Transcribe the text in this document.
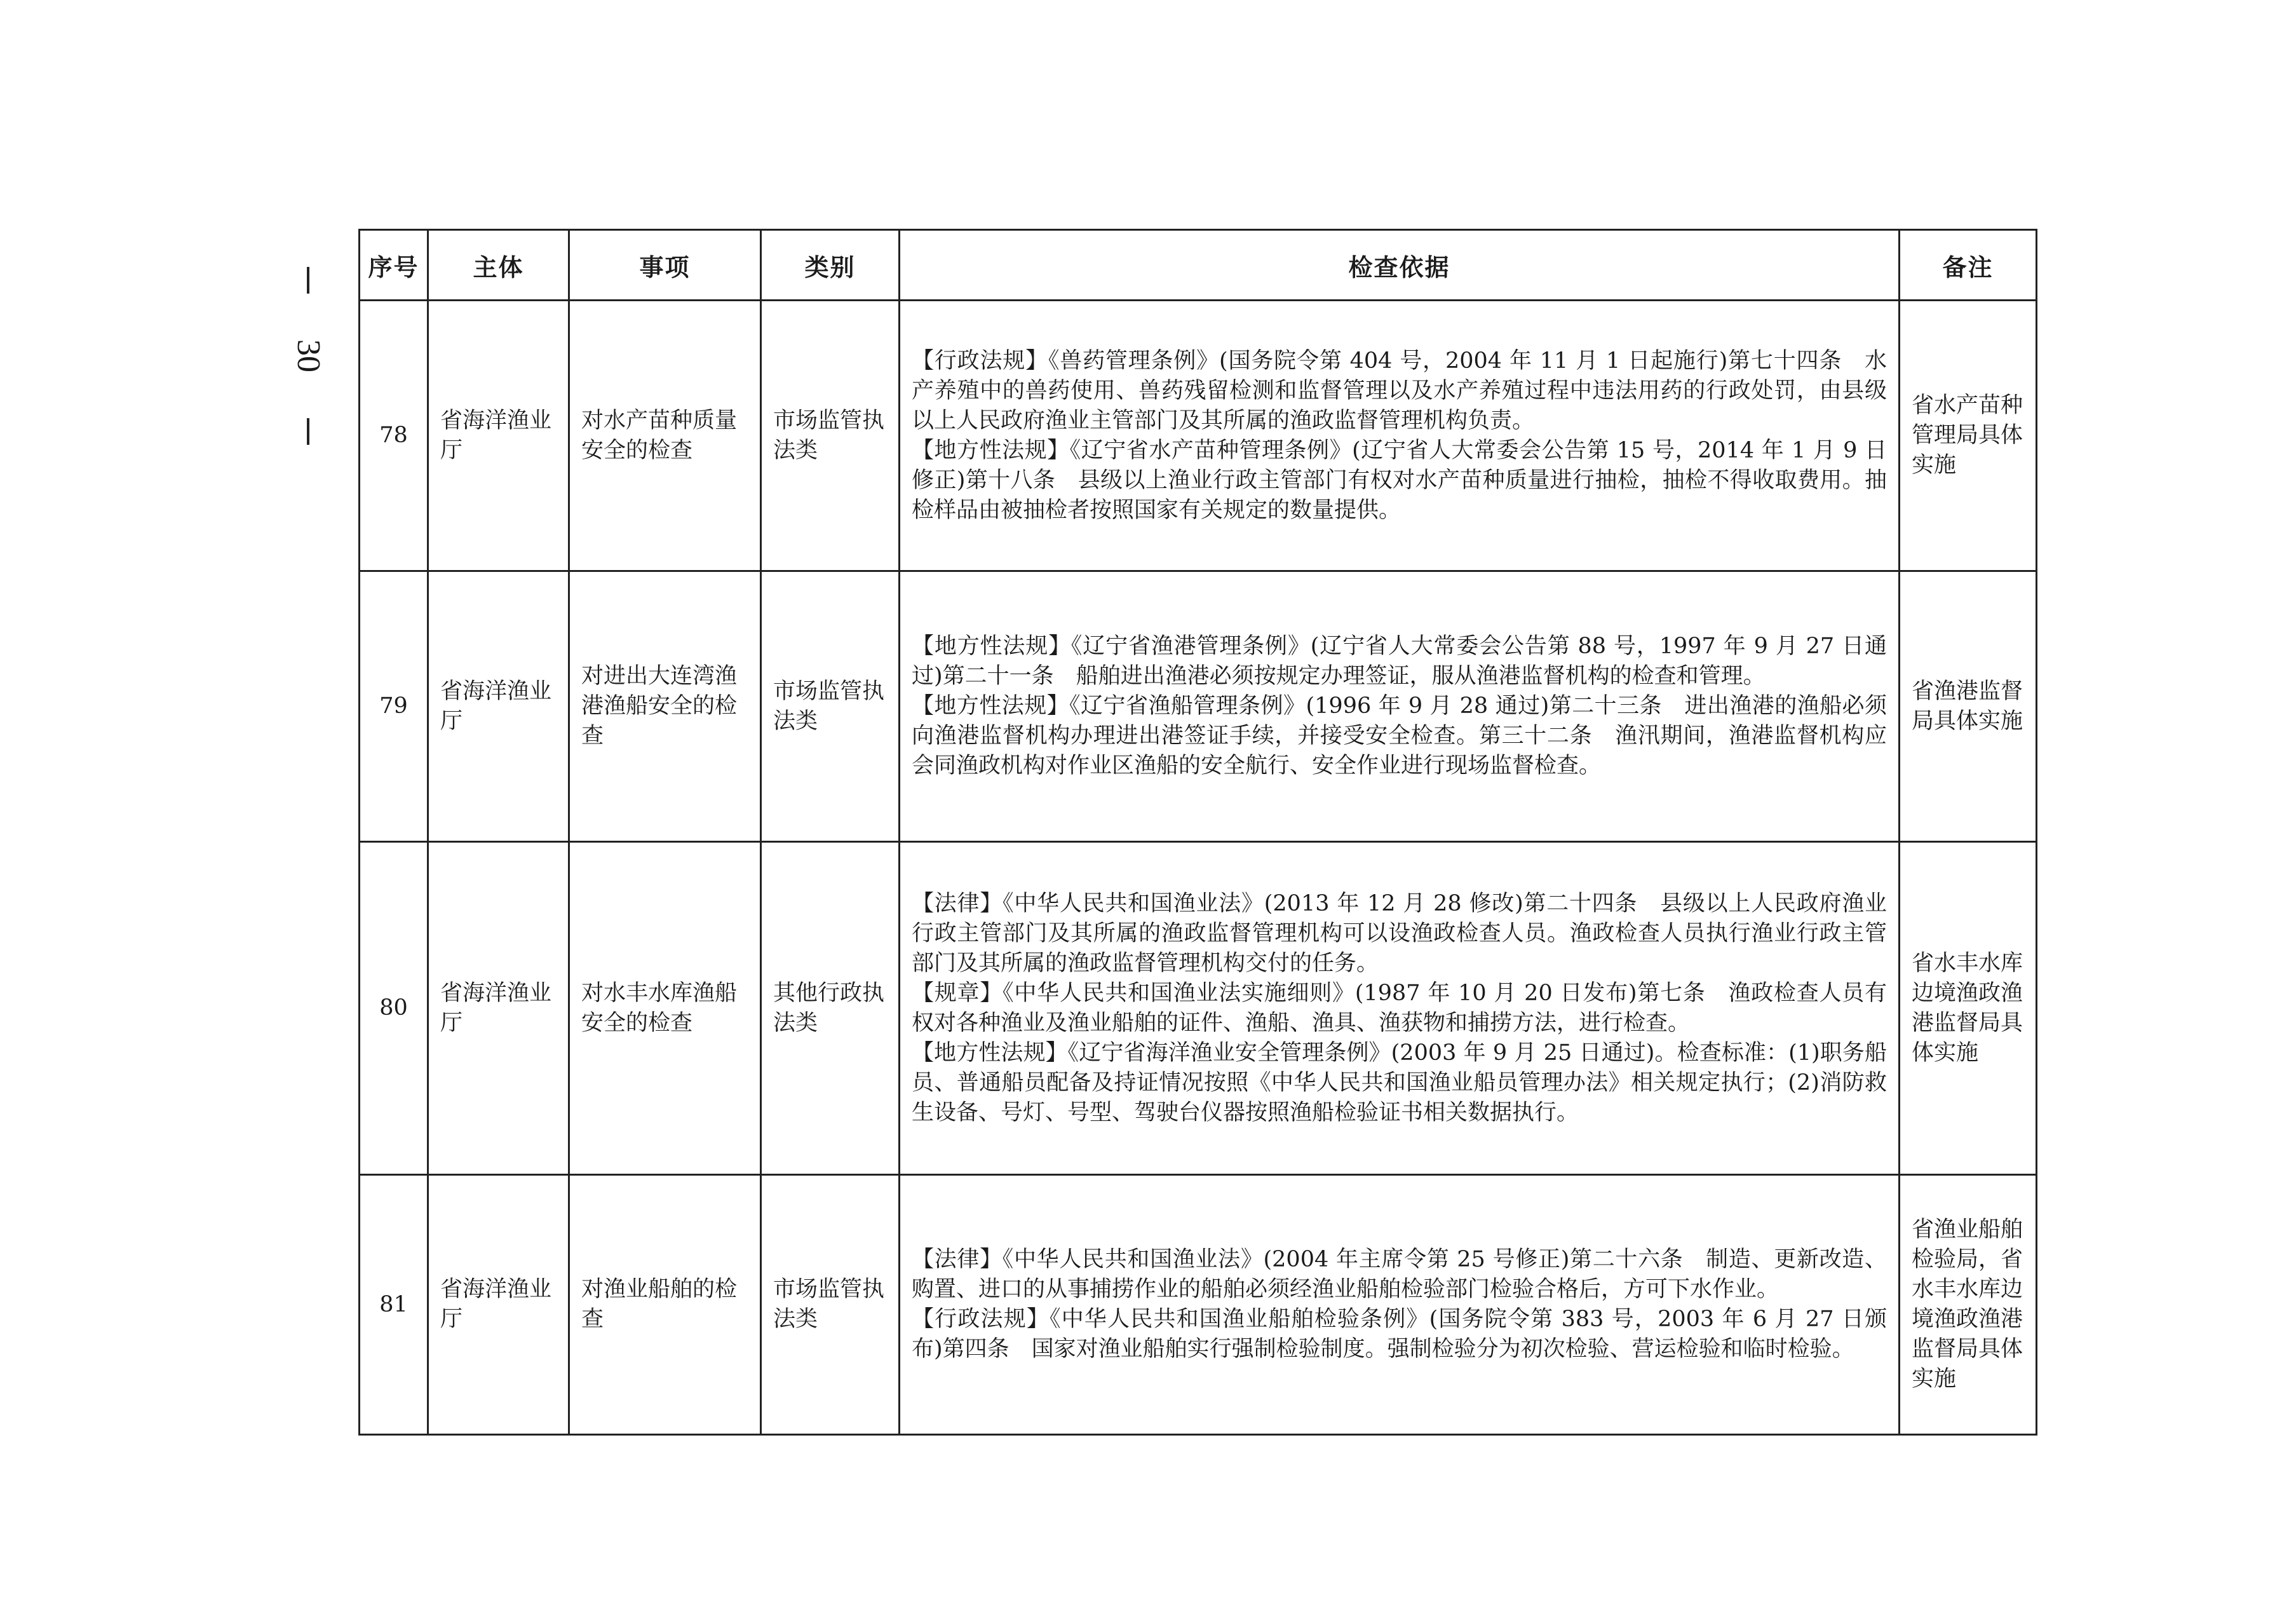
30
序号	主体	事项	类别	检查依据	备注
78	省海洋渔业厅	对水产苗种质量安全的检查	市场监管执法类	【行政法规】《兽药管理条例》(国务院令第 404 号，2004 年 11 月 1 日起施行)第七十四条　水产养殖中的兽药使用、兽药残留检测和监督管理以及水产养殖过程中违法用药的行政处罚，由县级以上人民政府渔业主管部门及其所属的渔政监督管理机构负责。
【地方性法规】《辽宁省水产苗种管理条例》(辽宁省人大常委会公告第 15 号，2014 年 1 月 9 日修正)第十八条　县级以上渔业行政主管部门有权对水产苗种质量进行抽检，抽检不得收取费用。抽检样品由被抽检者按照国家有关规定的数量提供。	省水产苗种管理局具体实施
79	省海洋渔业厅	对进出大连湾渔港渔船安全的检查	市场监管执法类	【地方性法规】《辽宁省渔港管理条例》(辽宁省人大常委会公告第 88 号，1997 年 9 月 27 日通过)第二十一条　船舶进出渔港必须按规定办理签证，服从渔港监督机构的检查和管理。
【地方性法规】《辽宁省渔船管理条例》(1996 年 9 月 28 通过)第二十三条　进出渔港的渔船必须向渔港监督机构办理进出港签证手续，并接受安全检查。第三十二条　渔汛期间，渔港监督机构应会同渔政机构对作业区渔船的安全航行、安全作业进行现场监督检查。	省渔港监督局具体实施
80	省海洋渔业厅	对水丰水库渔船安全的检查	其他行政执法类	【法律】《中华人民共和国渔业法》(2013 年 12 月 28 修改)第二十四条　县级以上人民政府渔业行政主管部门及其所属的渔政监督管理机构可以设渔政检查人员。渔政检查人员执行渔业行政主管部门及其所属的渔政监督管理机构交付的任务。
【规章】《中华人民共和国渔业法实施细则》(1987 年 10 月 20 日发布)第七条　渔政检查人员有权对各种渔业及渔业船舶的证件、渔船、渔具、渔获物和捕捞方法，进行检查。
【地方性法规】《辽宁省海洋渔业安全管理条例》(2003 年 9 月 25 日通过)。检查标准：(1)职务船员、普通船员配备及持证情况按照《中华人民共和国渔业船员管理办法》相关规定执行；(2)消防救生设备、号灯、号型、驾驶台仪器按照渔船检验证书相关数据执行。	省水丰水库边境渔政渔港监督局具体实施
81	省海洋渔业厅	对渔业船舶的检查	市场监管执法类	【法律】《中华人民共和国渔业法》(2004 年主席令第 25 号修正)第二十六条　制造、更新改造、购置、进口的从事捕捞作业的船舶必须经渔业船舶检验部门检验合格后，方可下水作业。
【行政法规】《中华人民共和国渔业船舶检验条例》(国务院令第 383 号，2003 年 6 月 27 日颁布)第四条　国家对渔业船舶实行强制检验制度。强制检验分为初次检验、营运检验和临时检验。	省渔业船舶检验局，省水丰水库边境渔政渔港监督局具体实施
